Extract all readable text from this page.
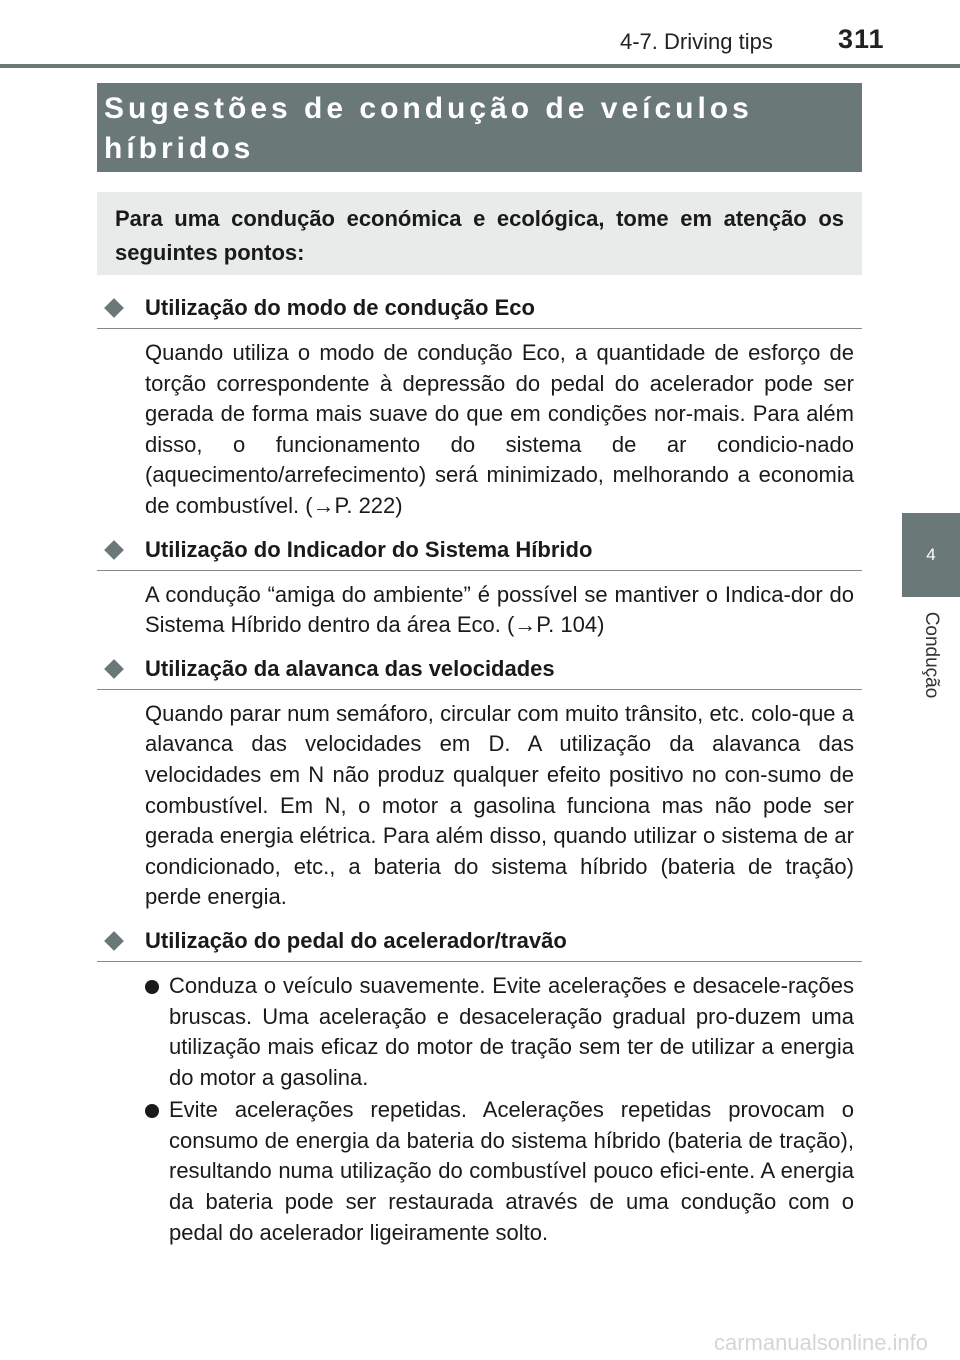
4-7. Driving tips 311
4
Condução
Sugestões de condução de veículos híbridos
Para uma condução económica e ecológica, tome em atenção os seguintes pontos:
Utilização do modo de condução Eco

Quando utiliza o modo de condução Eco, a quantidade de esforço de torção correspondente à depressão do pedal do acelerador pode ser gerada de forma mais suave do que em condições nor-mais. Para além disso, o funcionamento do sistema de ar condicio-nado (aquecimento/arrefecimento) será minimizado, melhorando a economia de combustível. (→P. 222)

Utilização do Indicador do Sistema Híbrido

A condução “amiga do ambiente” é possível se mantiver o Indica-dor do Sistema Híbrido dentro da área Eco. (→P. 104)

Utilização da alavanca das velocidades

Quando parar num semáforo, circular com muito trânsito, etc. colo-que a alavanca das velocidades em D. A utilização da alavanca das velocidades em N não produz qualquer efeito positivo no con-sumo de combustível. Em N, o motor a gasolina funciona mas não pode ser gerada energia elétrica. Para além disso, quando utilizar o sistema de ar condicionado, etc., a bateria do sistema híbrido (bateria de tração) perde energia.

Utilização do pedal do acelerador/travão
Conduza o veículo suavemente. Evite acelerações e desacele-rações bruscas. Uma aceleração e desaceleração gradual pro-duzem uma utilização mais eficaz do motor de tração sem ter de utilizar a energia do motor a gasolina.
Evite acelerações repetidas. Acelerações repetidas provocam o consumo de energia da bateria do sistema híbrido (bateria de tração), resultando numa utilização do combustível pouco efici-ente. A energia da bateria pode ser restaurada através de uma condução com o pedal do acelerador ligeiramente solto.
carmanualsonline.info
